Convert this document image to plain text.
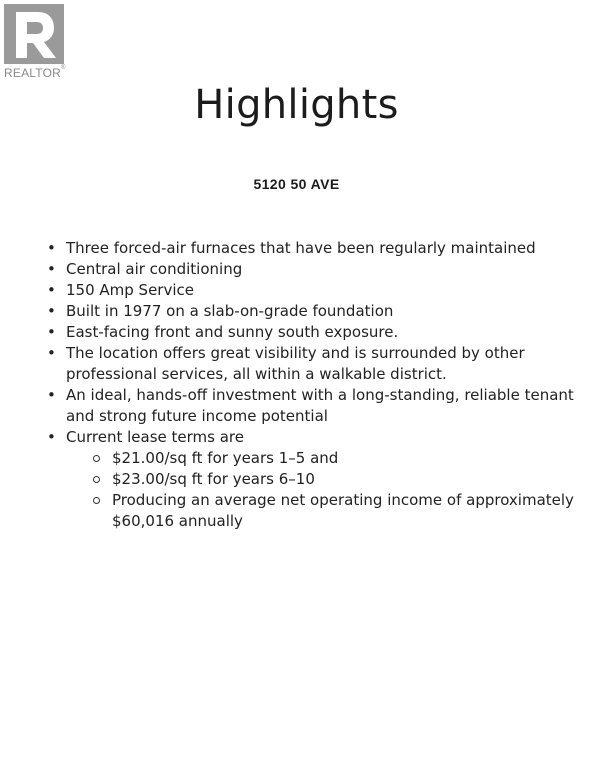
REALTOR®
Highlights
5120 50 AVE
• Three forced-air furnaces that have been regularly maintained
• Central air conditioning
• 150 Amp Service
• Built in 1977 on a slab-on-grade foundation
• East-facing front and sunny south exposure.
• The location offers great visibility and is surrounded by other professional services, all within a walkable district.
• An ideal, hands-off investment with a long-standing, reliable tenant and strong future income potential
• Current lease terms are
$21.00/sq ft for years 1–5 and
$23.00/sq ft for years 6–10
Producing an average net operating income of approximately $60,016 annually
